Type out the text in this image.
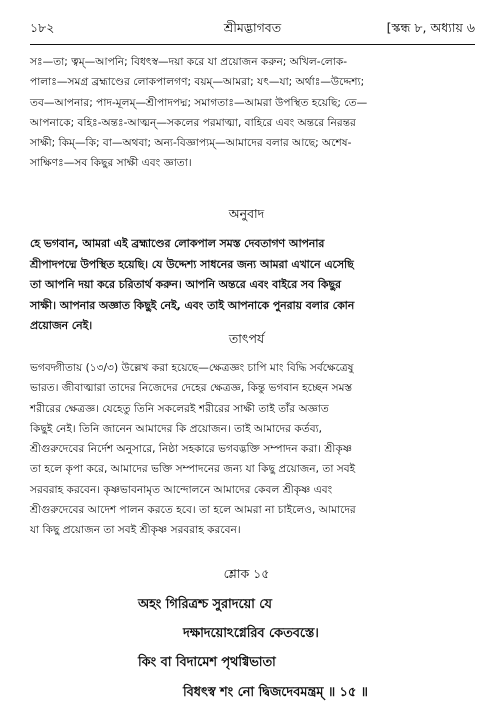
১৮২	শ্রীমদ্ভাগবত	[স্কন্ধ ৮, অধ্যায় ৬

সঃ—তা; ত্বম্—আপনি; বিধৎস্ব—দয়া করে যা প্রয়োজন করুন; অখিল-লোক-
পালাঃ—সমগ্র ব্রহ্মাণ্ডের লোকপালগণ; বয়ম্—আমরা; যৎ—যা; অর্থাঃ—উদ্দেশ্য;
তব—আপনার; পাদ-মূলম্—শ্রীপাদপদ্ম; সমাগতাঃ—আমরা উপস্থিত হয়েছি; তে—
আপনাকে; বহিঃ-অন্তঃ-আত্মন্—সকলের পরমাত্মা, বাহিরে এবং অন্তরে নিরন্তর
সাক্ষী; কিম্—কি; বা—অথবা; অন্য-বিজ্ঞাপ্যম্—আমাদের বলার আছে; অশেষ-
সাক্ষিণঃ—সব কিছুর সাক্ষী এবং জ্ঞাতা।

অনুবাদ

হে ভগবান, আমরা এই ব্রহ্মাণ্ডের লোকপাল সমস্ত দেবতাগণ আপনার
শ্রীপাদপদ্মে উপস্থিত হয়েছি। যে উদ্দেশ্য সাধনের জন্য আমরা এখানে এসেছি
তা আপনি দয়া করে চরিতার্থ করুন। আপনি অন্তরে এবং বাইরে সব কিছুর
সাক্ষী। আপনার অজ্ঞাত কিছুই নেই, এবং তাই আপনাকে পুনরায় বলার কোন
প্রয়োজন নেই।

তাৎপর্য

ভগবদ্গীতায় (১৩/৩) উল্লেখ করা হয়েছে—ক্ষেত্রজ্ঞং চাপি মাং বিদ্ধি সর্বক্ষেত্রেষু
ভারত। জীবাত্মারা তাদের নিজেদের দেহের ক্ষেত্রজ্ঞ, কিন্তু ভগবান হচ্ছেন সমস্ত
শরীরের ক্ষেত্রজ্ঞ। যেহেতু তিনি সকলেরই শরীরের সাক্ষী তাই তাঁর অজ্ঞাত
কিছুই নেই। তিনি জানেন আমাদের কি প্রয়োজন। তাই আমাদের কর্তব্য,
শ্রীগুরুদেবের নির্দেশ অনুসারে, নিষ্ঠা সহকারে ভগবদ্ভক্তি সম্পাদন করা। শ্রীকৃষ্ণ
তা হলে কৃপা করে, আমাদের ভক্তি সম্পাদনের জন্য যা কিছু প্রয়োজন, তা সবই
সরবরাহ করবেন। কৃষ্ণভাবনামৃত আন্দোলনে আমাদের কেবল শ্রীকৃষ্ণ এবং
শ্রীগুরুদেবের আদেশ পালন করতে হবে। তা হলে আমরা না চাইলেও, আমাদের
যা কিছু প্রয়োজন তা সবই শ্রীকৃষ্ণ সরবরাহ করবেন।

শ্লোক ১৫
অহং গিরিত্রশ্চ সুরাদয়ো যে
দক্ষাদয়োঽগ্নেরিব কেতবস্তে।
কিং বা বিদামেশ পৃথগ্বিভাতা
বিধৎস্ব শং নো দ্বিজদেবমন্ত্রম্ ॥ ১৫ ॥
